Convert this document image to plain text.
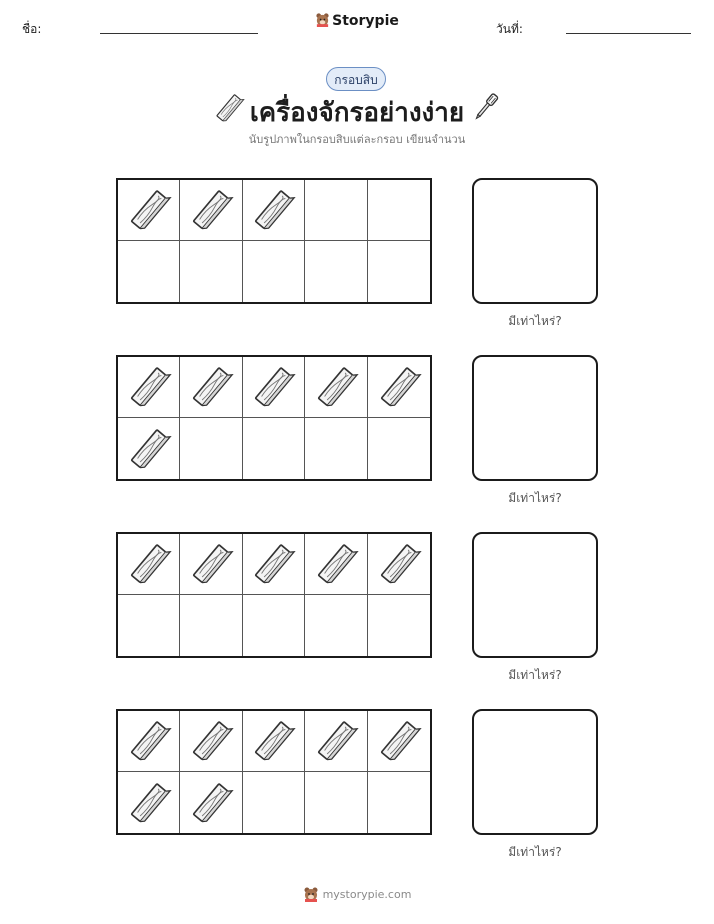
ชื่อ:	Storypie	วันที่:
กรอบสิบ
เครื่องจักรอย่างง่าย
นับรูปภาพในกรอบสิบแต่ละกรอบ เขียนจำนวน
มีเท่าไหร่?
มีเท่าไหร่?
มีเท่าไหร่?
มีเท่าไหร่?
mystorypie.com
